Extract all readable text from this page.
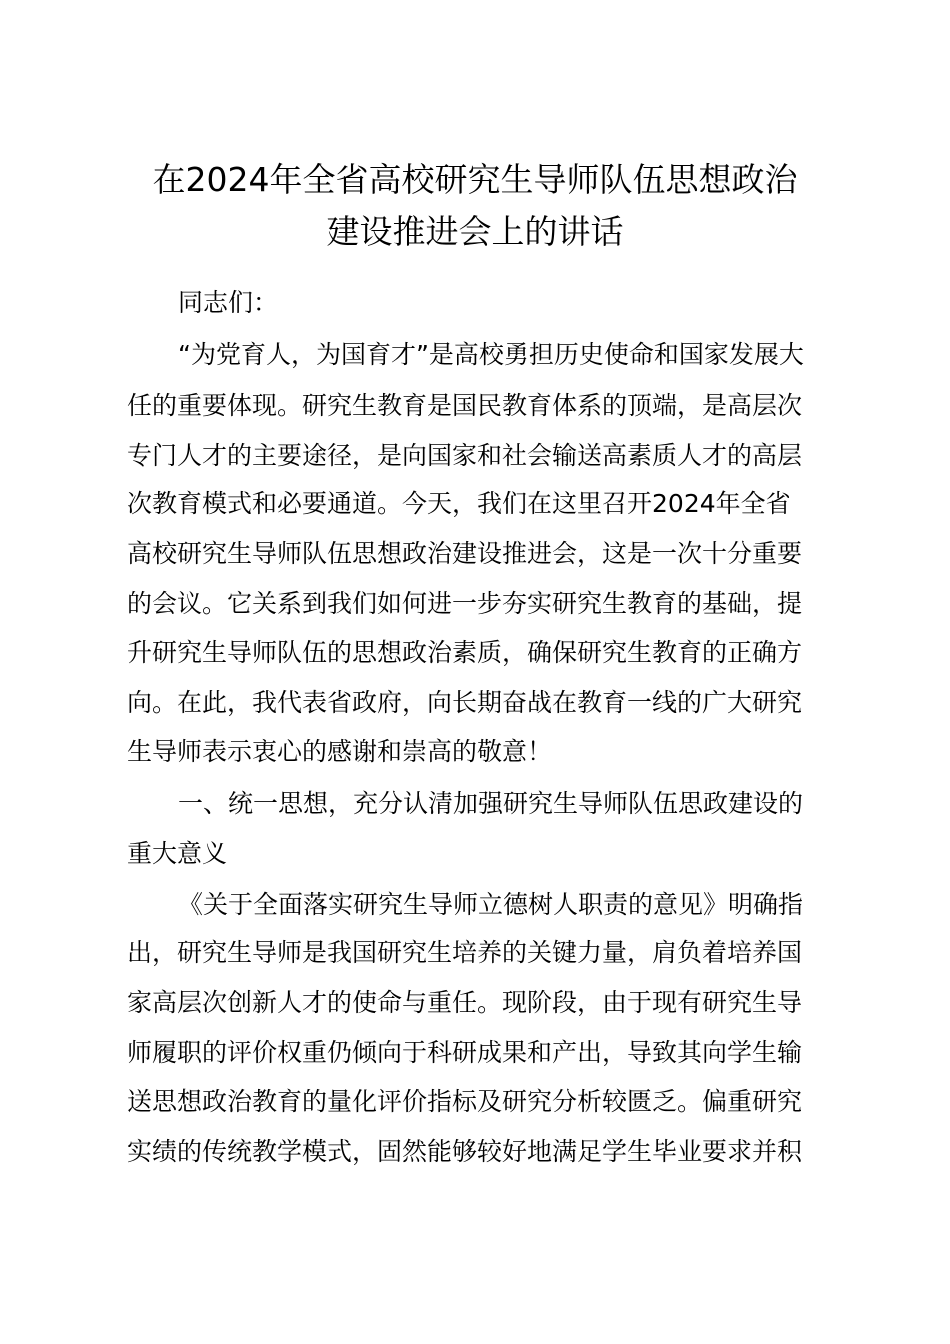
在2024年全省高校研究生导师队伍思想政治
建设推进会上的讲话

同志们：

“为党育人，为国育才”是高校勇担历史使命和国家发展大

任的重要体现。研究生教育是国民教育体系的顶端，是高层次

专门人才的主要途径，是向国家和社会输送高素质人才的高层

次教育模式和必要通道。今天，我们在这里召开2024年全省

高校研究生导师队伍思想政治建设推进会，这是一次十分重要

的会议。它关系到我们如何进一步夯实研究生教育的基础，提

升研究生导师队伍的思想政治素质，确保研究生教育的正确方

向。在此，我代表省政府，向长期奋战在教育一线的广大研究

生导师表示衷心的感谢和崇高的敬意！

一、统一思想，充分认清加强研究生导师队伍思政建设的

重大意义

《关于全面落实研究生导师立德树人职责的意见》明确指

出，研究生导师是我国研究生培养的关键力量，肩负着培养国

家高层次创新人才的使命与重任。现阶段，由于现有研究生导

师履职的评价权重仍倾向于科研成果和产出，导致其向学生输

送思想政治教育的量化评价指标及研究分析较匮乏。偏重研究

实绩的传统教学模式，固然能够较好地满足学生毕业要求并积
